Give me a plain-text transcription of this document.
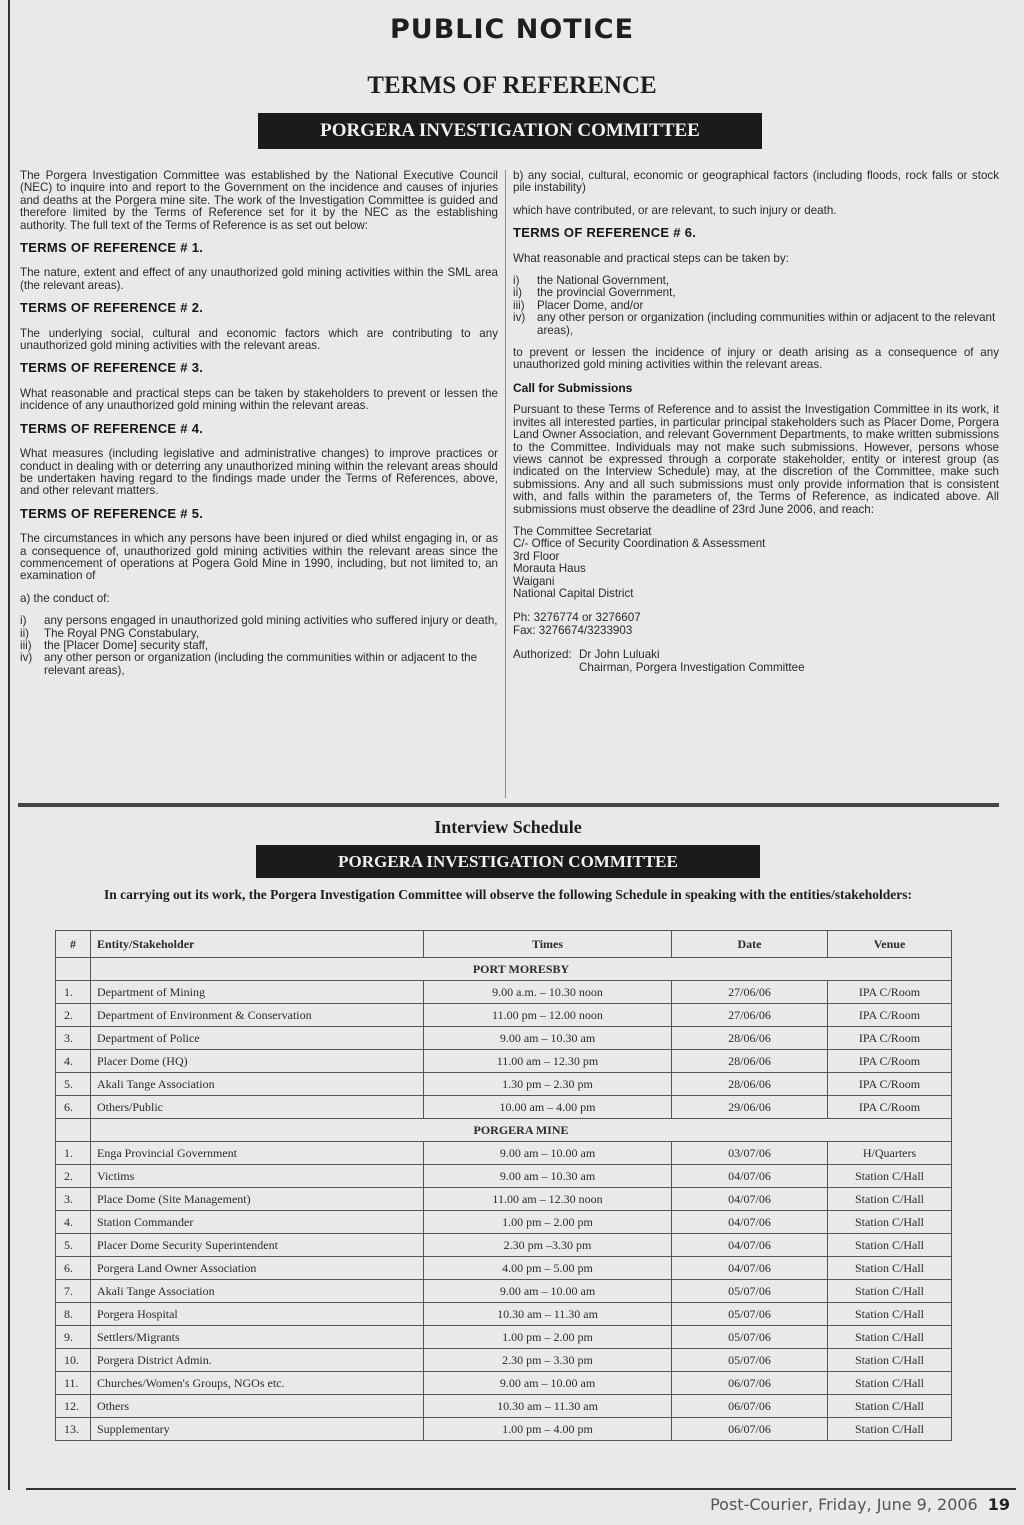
PUBLIC NOTICE
TERMS OF REFERENCE
PORGERA INVESTIGATION COMMITTEE

The Porgera Investigation Committee was established by the National Executive Council (NEC) to inquire into and report to the Government on the incidence and causes of injuries and deaths at the Porgera mine site. The work of the Investigation Committee is guided and therefore limited by the Terms of Reference set for it by the NEC as the establishing authority. The full text of the Terms of Reference is as set out below:

TERMS OF REFERENCE # 1.

The nature, extent and effect of any unauthorized gold mining activities within the SML area (the relevant areas).

TERMS OF REFERENCE # 2.

The underlying social, cultural and economic factors which are contributing to any unauthorized gold mining activities with the relevant areas.

TERMS OF REFERENCE # 3.

What reasonable and practical steps can be taken by stakeholders to prevent or lessen the incidence of any unauthorized gold mining within the relevant areas.

TERMS OF REFERENCE # 4.

What measures (including legislative and administrative changes) to improve practices or conduct in dealing with or deterring any unauthorized mining within the relevant areas should be undertaken having regard to the findings made under the Terms of References, above, and other relevant matters.

TERMS OF REFERENCE # 5.

The circumstances in which any persons have been injured or died whilst engaging in, or as a consequence of, unauthorized gold mining activities within the relevant areas since the commencement of operations at Pogera Gold Mine in 1990, including, but not limited to, an examination of

a) the conduct of:

i)	any persons engaged in unauthorized gold mining activities who suffered injury or death,
ii)	The Royal PNG Constabulary,
iii)	the [Placer Dome] security staff,
iv)	any other person or organization (including the communities within or adjacent to the relevant areas),

b) any social, cultural, economic or geographical factors (including floods, rock falls or stock pile instability)

which have contributed, or are relevant, to such injury or death.

TERMS OF REFERENCE # 6.

What reasonable and practical steps can be taken by:

i)	the National Government,
ii)	the provincial Government,
iii)	Placer Dome, and/or
iv)	any other person or organization (including communities within or adjacent to the relevant areas),

to prevent or lessen the incidence of injury or death arising as a consequence of any unauthorized gold mining activities within the relevant areas.

Call for Submissions

Pursuant to these Terms of Reference and to assist the Investigation Committee in its work, it invites all interested parties, in particular principal stakeholders such as Placer Dome, Porgera Land Owner Association, and relevant Government Departments, to make written submissions to the Committee. Individuals may not make such submissions. However, persons whose views cannot be expressed through a corporate stakeholder, entity or interest group (as indicated on the Interview Schedule) may, at the discretion of the Committee, make such submissions. Any and all such submissions must only provide information that is consistent with, and falls within the parameters of, the Terms of Reference, as indicated above. All submissions must observe the deadline of 23rd June 2006, and reach:

The Committee Secretariat

C/- Office of Security Coordination & Assessment

3rd Floor

Morauta Haus

Waigani

National Capital District

Ph: 3276774 or 3276607

Fax: 3276674/3233903

Authorized: Dr John Luluaki
Chairman, Porgera Investigation Committee
Interview Schedule
PORGERA INVESTIGATION COMMITTEE
In carrying out its work, the Porgera Investigation Committee will observe the following Schedule in speaking with the entities/stakeholders:
#	Entity/Stakeholder	Times	Date	Venue
	PORT MORESBY			
1.	Department of Mining	9.00 a.m. – 10.30 noon	27/06/06	IPA C/Room
2.	Department of Environment & Conservation	11.00 pm – 12.00 noon	27/06/06	IPA C/Room
3.	Department of Police	9.00 am – 10.30 am	28/06/06	IPA C/Room
4.	Placer Dome (HQ)	11.00 am – 12.30 pm	28/06/06	IPA C/Room
5.	Akali Tange Association	1.30 pm – 2.30 pm	28/06/06	IPA C/Room
6.	Others/Public	10.00 am – 4.00 pm	29/06/06	IPA C/Room
	PORGERA MINE			
1.	Enga Provincial Government	9.00 am – 10.00 am	03/07/06	H/Quarters
2.	Victims	9.00 am – 10.30 am	04/07/06	Station C/Hall
3.	Place Dome (Site Management)	11.00 am – 12.30 noon	04/07/06	Station C/Hall
4.	Station Commander	1.00 pm – 2.00 pm	04/07/06	Station C/Hall
5.	Placer Dome Security Superintendent	2.30 pm –3.30 pm	04/07/06	Station C/Hall
6.	Porgera Land Owner Association	4.00 pm – 5.00 pm	04/07/06	Station C/Hall
7.	Akali Tange Association	9.00 am – 10.00 am	05/07/06	Station C/Hall
8.	Porgera Hospital	10.30 am – 11.30 am	05/07/06	Station C/Hall
9.	Settlers/Migrants	1.00 pm – 2.00 pm	05/07/06	Station C/Hall
10.	Porgera District Admin.	2.30 pm – 3.30 pm	05/07/06	Station C/Hall
11.	Churches/Women's Groups, NGOs etc.	9.00 am – 10.00 am	06/07/06	Station C/Hall
12.	Others	10.30 am – 11.30 am	06/07/06	Station C/Hall
13.	Supplementary	1.00 pm – 4.00 pm	06/07/06	Station C/Hall
Post-Courier, Friday, June 9, 2006 19
